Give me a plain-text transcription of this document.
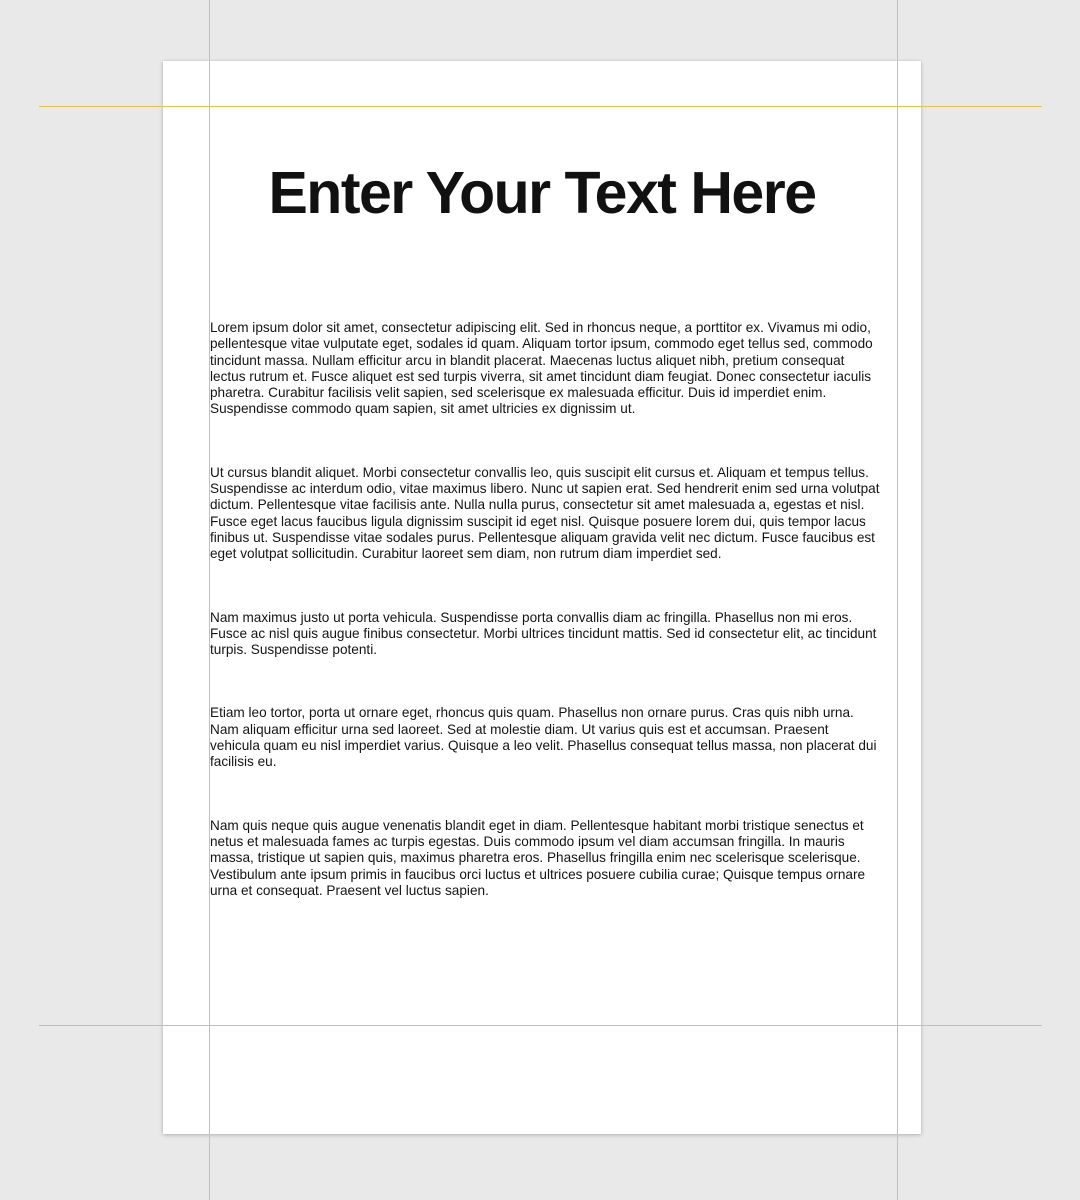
Enter Your Text Here

Lorem ipsum dolor sit amet, consectetur adipiscing elit. Sed in rhoncus neque, a porttitor ex. Vivamus mi odio, pellentesque vitae vulputate eget, sodales id quam. Aliquam tortor ipsum, commodo eget tellus sed, commodo tincidunt massa. Nullam efficitur arcu in blandit placerat. Maecenas luctus aliquet nibh, pretium consequat lectus rutrum et. Fusce aliquet est sed turpis viverra, sit amet tincidunt diam feugiat. Donec consectetur iaculis pharetra. Curabitur facilisis velit sapien, sed scelerisque ex malesuada efficitur. Duis id imperdiet enim. Suspendisse commodo quam sapien, sit amet ultricies ex dignissim ut.

Ut cursus blandit aliquet. Morbi consectetur convallis leo, quis suscipit elit cursus et. Aliquam et tempus tellus. Suspendisse ac interdum odio, vitae maximus libero. Nunc ut sapien erat. Sed hendrerit enim sed urna volutpat dictum. Pellentesque vitae facilisis ante. Nulla nulla purus, consectetur sit amet malesuada a, egestas et nisl. Fusce eget lacus faucibus ligula dignissim suscipit id eget nisl. Quisque posuere lorem dui, quis tempor lacus finibus ut. Suspendisse vitae sodales purus. Pellentesque aliquam gravida velit nec dictum. Fusce faucibus est eget volutpat sollicitudin. Curabitur laoreet sem diam, non rutrum diam imperdiet sed.

Nam maximus justo ut porta vehicula. Suspendisse porta convallis diam ac fringilla. Phasellus non mi eros. Fusce ac nisl quis augue finibus consectetur. Morbi ultrices tincidunt mattis. Sed id consectetur elit, ac tincidunt turpis. Suspendisse potenti.

Etiam leo tortor, porta ut ornare eget, rhoncus quis quam. Phasellus non ornare purus. Cras quis nibh urna. Nam aliquam efficitur urna sed laoreet. Sed at molestie diam. Ut varius quis est et accumsan. Praesent vehicula quam eu nisl imperdiet varius. Quisque a leo velit. Phasellus consequat tellus massa, non placerat dui facilisis eu.

Nam quis neque quis augue venenatis blandit eget in diam. Pellentesque habitant morbi tristique senectus et netus et malesuada fames ac turpis egestas. Duis commodo ipsum vel diam accumsan fringilla. In mauris massa, tristique ut sapien quis, maximus pharetra eros. Phasellus fringilla enim nec scelerisque scelerisque. Vestibulum ante ipsum primis in faucibus orci luctus et ultrices posuere cubilia curae; Quisque tempus ornare urna et consequat. Praesent vel luctus sapien.
